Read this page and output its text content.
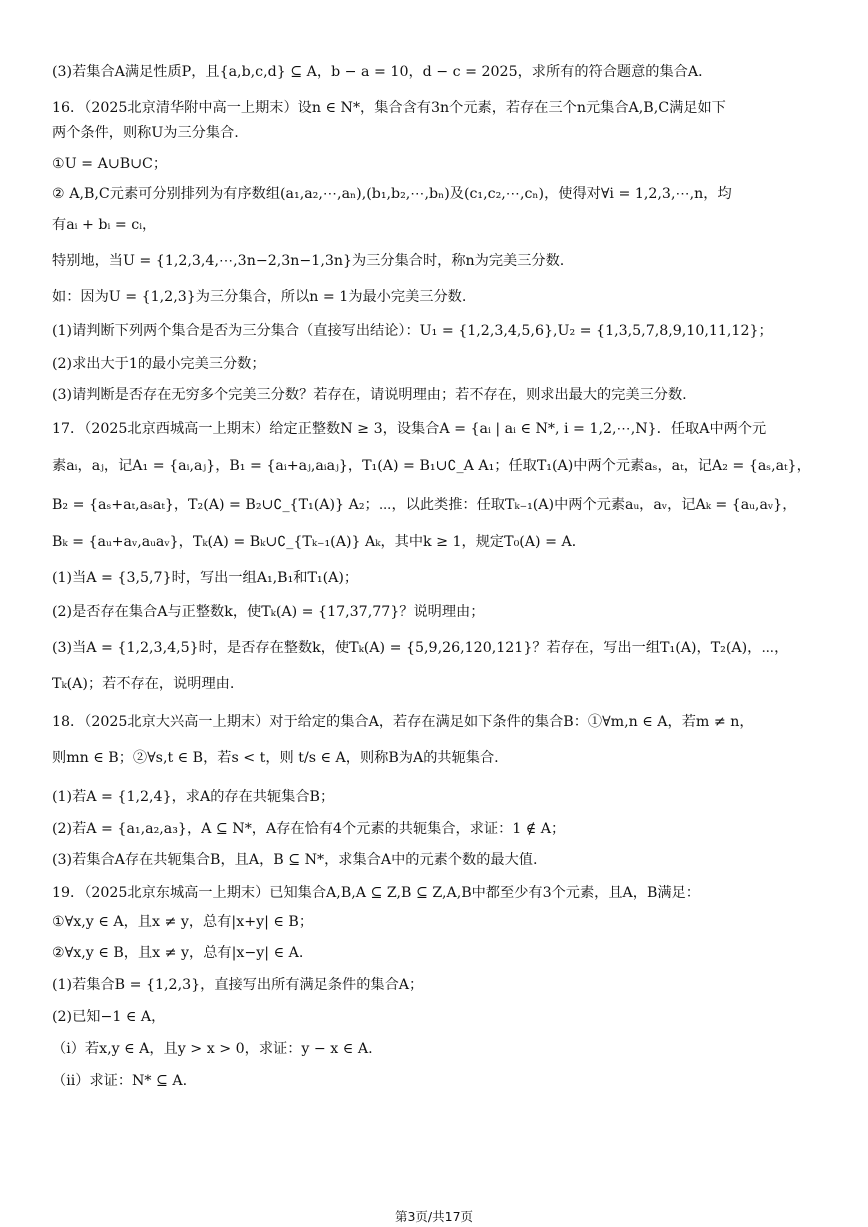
(3)若集合A满足性质P，且{a,b,c,d} ⊆ A，b − a = 10，d − c = 2025，求所有的符合题意的集合A．
16．（2025北京清华附中高一上期末）设n ∈ N*，集合含有3n个元素，若存在三个n元集合A,B,C满足如下
两个条件，则称U为三分集合.
①U = A∪B∪C；
② A,B,C元素可分别排列为有序数组(a₁,a₂,⋯,aₙ),(b₁,b₂,⋯,bₙ)及(c₁,c₂,⋯,cₙ)，使得对∀i = 1,2,3,⋯,n，均
有aᵢ + bᵢ = cᵢ，
特别地，当U = {1,2,3,4,⋯,3n−2,3n−1,3n}为三分集合时，称n为完美三分数.
如：因为U = {1,2,3}为三分集合，所以n = 1为最小完美三分数.
(1)请判断下列两个集合是否为三分集合（直接写出结论）：U₁ = {1,2,3,4,5,6},U₂ = {1,3,5,7,8,9,10,11,12}；
(2)求出大于1的最小完美三分数；
(3)请判断是否存在无穷多个完美三分数？若存在，请说明理由；若不存在，则求出最大的完美三分数.
17．（2025北京西城高一上期末）给定正整数N ≥ 3，设集合A = {aᵢ | aᵢ ∈ N*, i = 1,2,⋯,N}．任取A中两个元
素aᵢ，aⱼ，记A₁ = {aᵢ,aⱼ}，B₁ = {aᵢ+aⱼ,aᵢaⱼ}，T₁(A) = B₁∪∁_A A₁；任取T₁(A)中两个元素aₛ，aₜ，记A₂ = {aₛ,aₜ}，
B₂ = {aₛ+aₜ,aₛaₜ}，T₂(A) = B₂∪∁_{T₁(A)} A₂；⋯，以此类推：任取Tₖ₋₁(A)中两个元素aᵤ，aᵥ，记Aₖ = {aᵤ,aᵥ}，
Bₖ = {aᵤ+aᵥ,aᵤaᵥ}，Tₖ(A) = Bₖ∪∁_{Tₖ₋₁(A)} Aₖ，其中k ≥ 1，规定T₀(A) = A．
(1)当A = {3,5,7}时，写出一组A₁,B₁和T₁(A)；
(2)是否存在集合A与正整数k，使Tₖ(A) = {17,37,77}？说明理由；
(3)当A = {1,2,3,4,5}时，是否存在整数k，使Tₖ(A) = {5,9,26,120,121}？若存在，写出一组T₁(A)，T₂(A)，⋯，
Tₖ(A)；若不存在，说明理由.
18．（2025北京大兴高一上期末）对于给定的集合A，若存在满足如下条件的集合B：①∀m,n ∈ A，若m ≠ n，
则mn ∈ B；②∀s,t ∈ B，若s < t，则 t/s ∈ A，则称B为A的共轭集合.
(1)若A = {1,2,4}，求A的存在共轭集合B；
(2)若A = {a₁,a₂,a₃}，A ⊆ N*，A存在恰有4个元素的共轭集合，求证：1 ∉ A；
(3)若集合A存在共轭集合B，且A，B ⊆ N*，求集合A中的元素个数的最大值.
19．（2025北京东城高一上期末）已知集合A,B,A ⊆ Z,B ⊆ Z,A,B中都至少有3个元素，且A，B满足：
①∀x,y ∈ A，且x ≠ y，总有|x+y| ∈ B；
②∀x,y ∈ B，且x ≠ y，总有|x−y| ∈ A.
(1)若集合B = {1,2,3}，直接写出所有满足条件的集合A；
(2)已知−1 ∈ A，
（i）若x,y ∈ A，且y > x > 0，求证：y − x ∈ A.
（ii）求证：N* ⊆ A.
第3页/共17页
